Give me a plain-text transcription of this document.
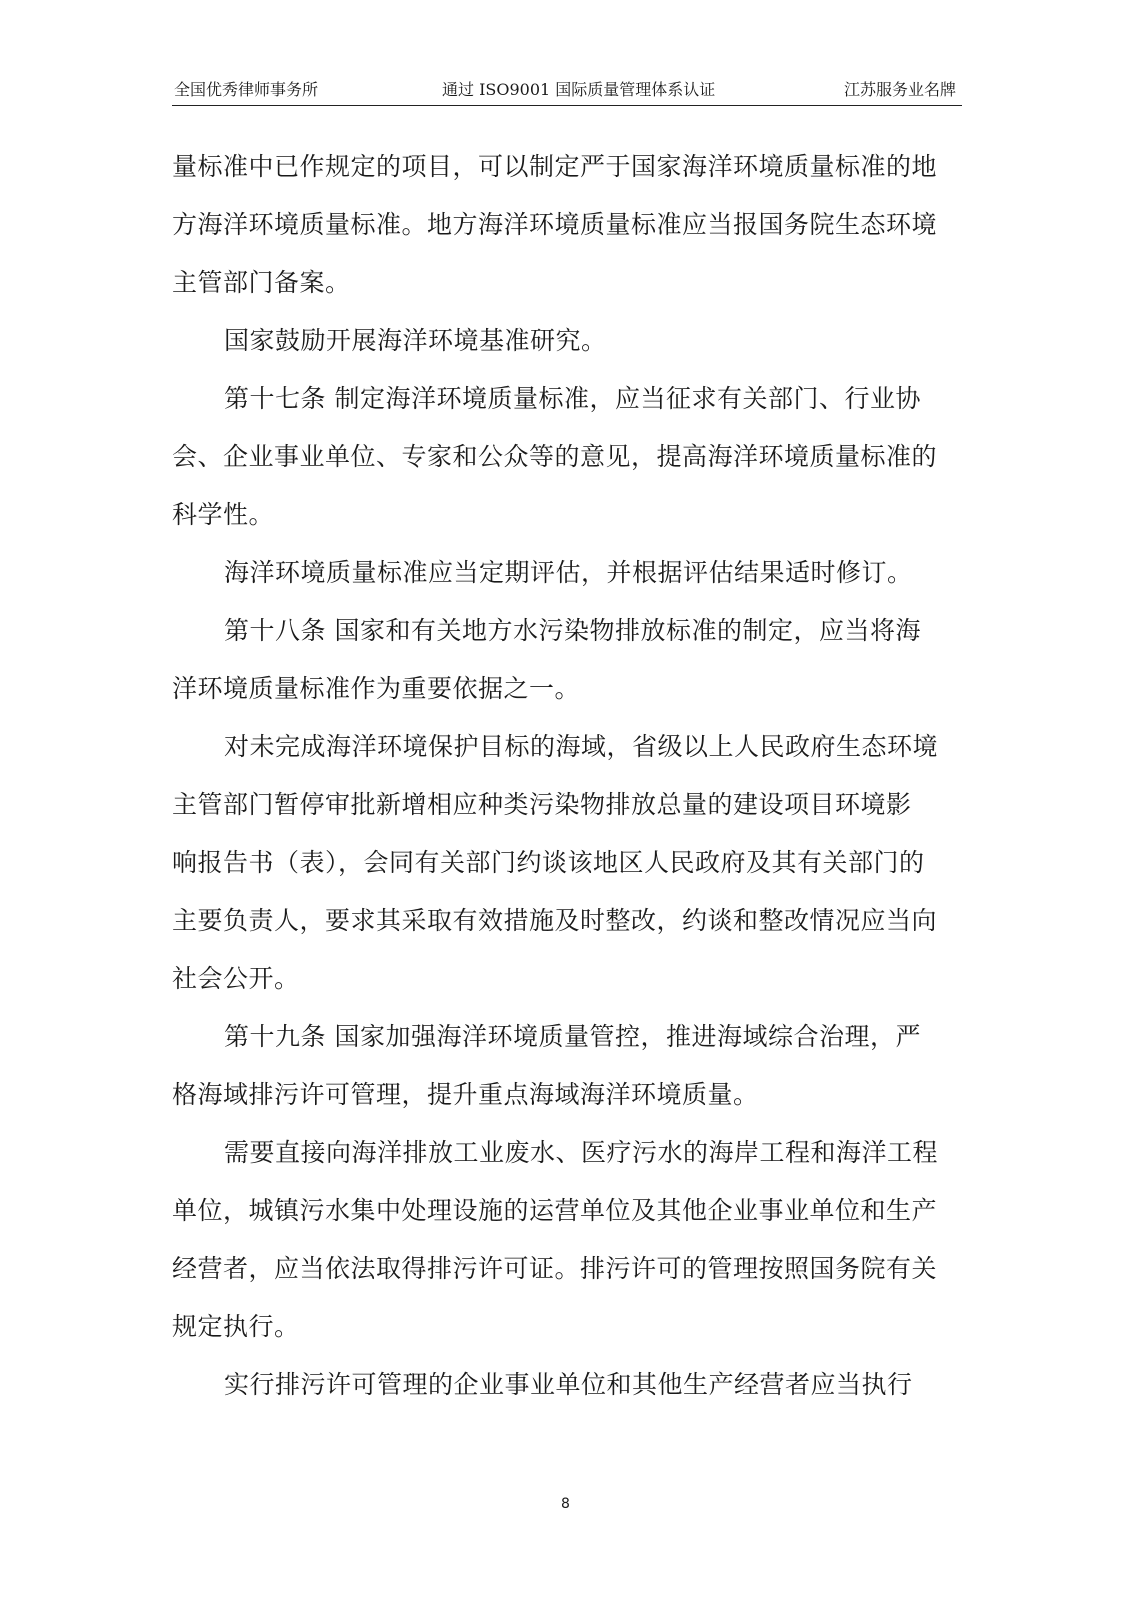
全国优秀律师事务所	通过 ISO9001 国际质量管理体系认证	江苏服务业名牌
量标准中已作规定的项目，可以制定严于国家海洋环境质量标准的地
方海洋环境质量标准。地方海洋环境质量标准应当报国务院生态环境
主管部门备案。
国家鼓励开展海洋环境基准研究。
第十七条 制定海洋环境质量标准，应当征求有关部门、行业协
会、企业事业单位、专家和公众等的意见，提高海洋环境质量标准的
科学性。
海洋环境质量标准应当定期评估，并根据评估结果适时修订。
第十八条 国家和有关地方水污染物排放标准的制定，应当将海
洋环境质量标准作为重要依据之一。
对未完成海洋环境保护目标的海域，省级以上人民政府生态环境
主管部门暂停审批新增相应种类污染物排放总量的建设项目环境影
响报告书（表），会同有关部门约谈该地区人民政府及其有关部门的
主要负责人，要求其采取有效措施及时整改，约谈和整改情况应当向
社会公开。
第十九条 国家加强海洋环境质量管控，推进海域综合治理，严
格海域排污许可管理，提升重点海域海洋环境质量。
需要直接向海洋排放工业废水、医疗污水的海岸工程和海洋工程
单位，城镇污水集中处理设施的运营单位及其他企业事业单位和生产
经营者，应当依法取得排污许可证。排污许可的管理按照国务院有关
规定执行。
实行排污许可管理的企业事业单位和其他生产经营者应当执行
8
